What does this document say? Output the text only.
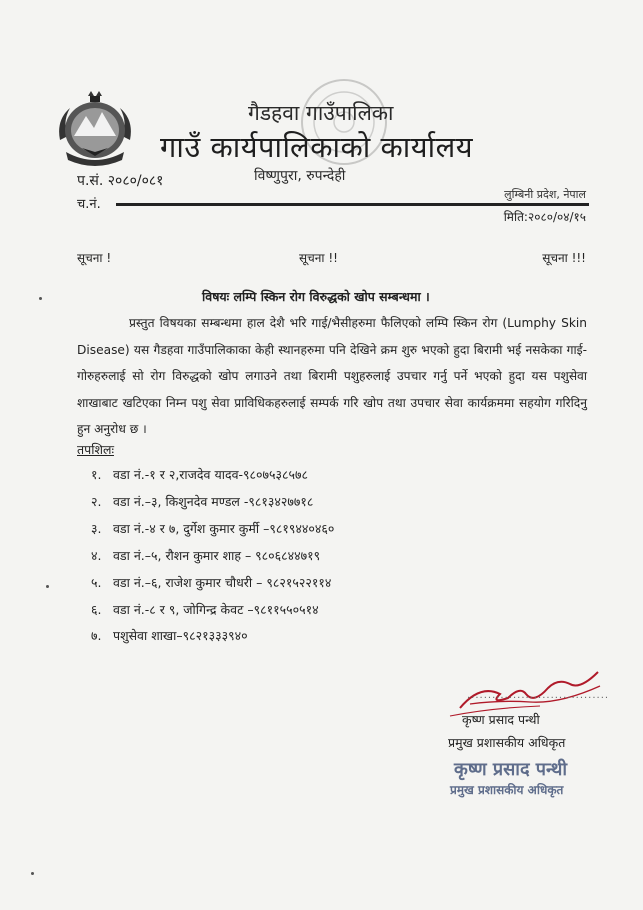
गैडहवा गाउँपालिका
गाउँ कार्यपालिकाको कार्यालय
विष्णुपुरा, रुपन्देही
प.सं. २०८०/०८१
च.नं.
लुम्बिनी प्रदेश, नेपाल
मिति:२०८०/०४/१५
सूचना !	सूचना !!	सूचना !!!
विषयः लम्पि स्किन रोग विरुद्धको खोप सम्बन्धमा ।
प्रस्तुत विषयका सम्बन्धमा हाल देशै भरि गाई/भैसीहरुमा फैलिएको लम्पि स्किन रोग (Lumphy Skin Disease) यस गैडहवा गाउँपालिकाका केही स्थानहरुमा पनि देखिने क्रम शुरु भएको हुदा बिरामी भई नसकेका गाई-गोरुहरुलाई सो रोग विरुद्धको खोप लगाउने तथा बिरामी पशुहरुलाई उपचार गर्नु पर्ने भएको हुदा यस पशुसेवा शाखाबाट खटिएका निम्न पशु सेवा प्राविधिकहरुलाई सम्पर्क गरि खोप तथा उपचार सेवा कार्यक्रममा सहयोग गरिदिनु हुन अनुरोध छ ।
तपशिलः
१. वडा नं.-१ र २,राजदेव यादव-९८०७५३८५७८
२. वडा नं.–३, किशुनदेव मण्डल -९८१३४२७७१८
३. वडा नं.-४ र ७, दुर्गेश कुमार कुर्मी –९८१९४४०४६०
४. वडा नं.–५, रौशन कुमार शाह – ९८०६८४४७१९
५. वडा नं.–६, राजेश कुमार चौधरी – ९८२१५२२११४
६. वडा नं.-८ र ९, जोगिन्द्र केवट –९८११५५०५१४
७. पशुसेवा शाखा–९८२१३३३९४०
..................................
कृष्ण प्रसाद पन्थी
प्रमुख प्रशासकीय अधिकृत
कृष्ण प्रसाद पन्थी
प्रमुख प्रशासकीय अधिकृत
